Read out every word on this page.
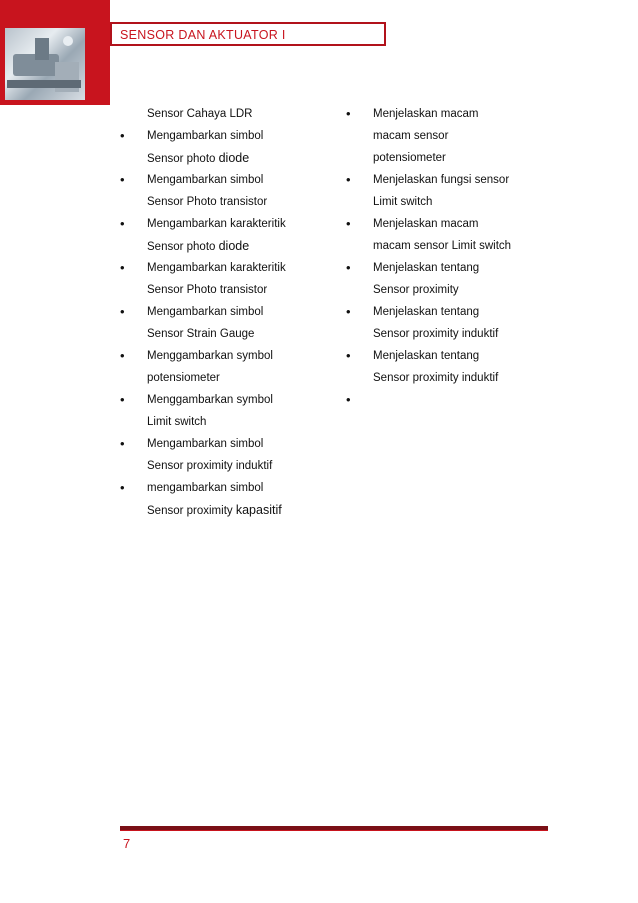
SENSOR DAN AKTUATOR I
Sensor Cahaya LDR
• Mengambarkan simbol
Sensor photo diode
• Mengambarkan simbol
Sensor Photo transistor
• Mengambarkan karakteritik
Sensor photo diode
• Mengambarkan karakteritik
Sensor Photo transistor
• Mengambarkan simbol
Sensor Strain Gauge
• Menggambarkan symbol
potensiometer
• Menggambarkan symbol
Limit switch
• Mengambarkan simbol
Sensor proximity induktif
• mengambarkan simbol
Sensor proximity kapasitif
• Menjelaskan macam
macam sensor
potensiometer
• Menjelaskan fungsi sensor
Limit switch
• Menjelaskan macam
macam sensor Limit switch
• Menjelaskan tentang
Sensor proximity
• Menjelaskan tentang
Sensor proximity induktif
• Menjelaskan tentang
Sensor proximity induktif
•
7
